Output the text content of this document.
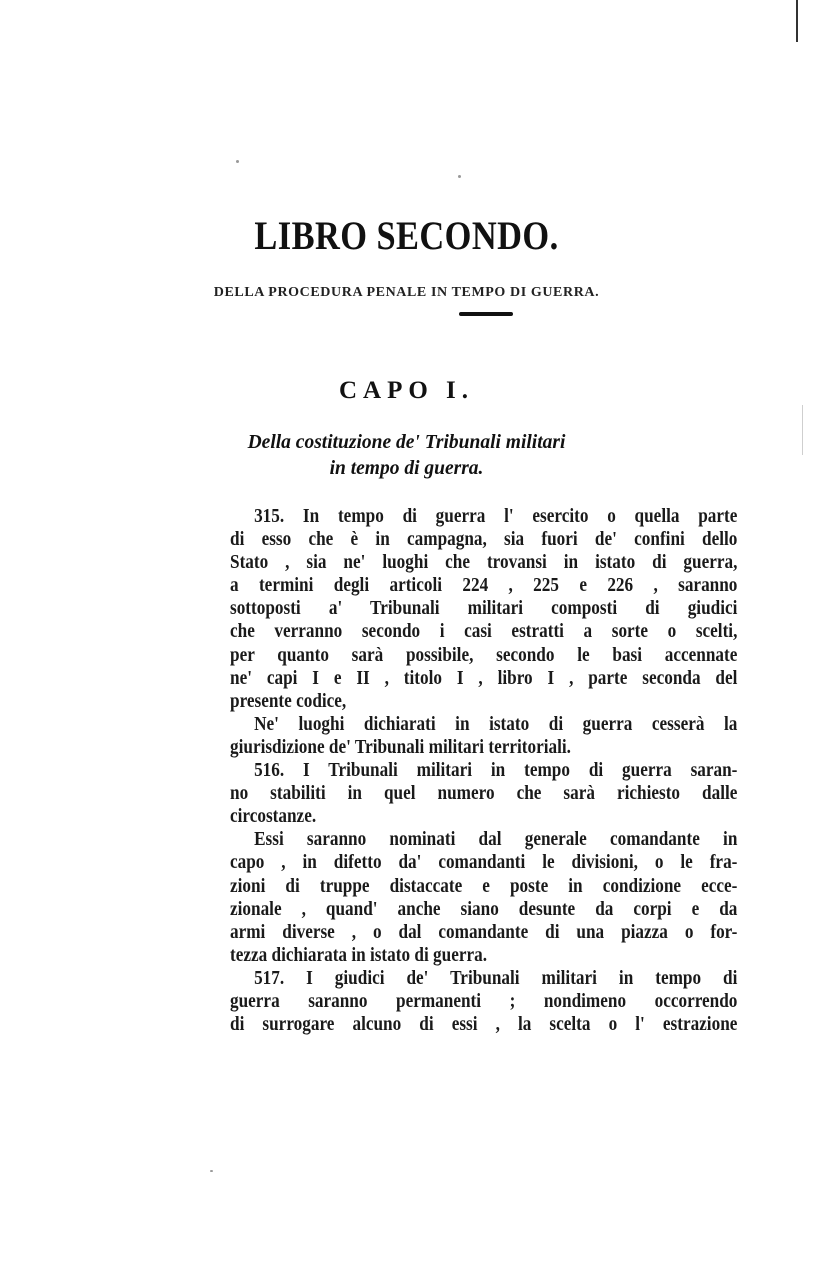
LIBRO SECONDO.
DELLA PROCEDURA PENALE IN TEMPO DI GUERRA.
CAPO I.
Della costituzione de' Tribunali militari
in tempo di guerra.
315. In tempo di guerra l' esercito o quella parte
di esso che è in campagna, sia fuori de' confini dello
Stato , sia ne' luoghi che trovansi in istato di guerra,
a termini degli articoli 224 , 225 e 226 , saranno
sottoposti a' Tribunali militari composti di giudici
che verranno secondo i casi estratti a sorte o scelti,
per quanto sarà possibile, secondo le basi accennate
ne' capi I e II , titolo I , libro I , parte seconda del
presente codice,
Ne' luoghi dichiarati in istato di guerra cesserà la
giurisdizione de' Tribunali militari territoriali.
516. I Tribunali militari in tempo di guerra saran-
no stabiliti in quel numero che sarà richiesto dalle
circostanze.
Essi saranno nominati dal generale comandante in
capo , in difetto da' comandanti le divisioni, o le fra-
zioni di truppe distaccate e poste in condizione ecce-
zionale , quand' anche siano desunte da corpi e da
armi diverse , o dal comandante di una piazza o for-
tezza dichiarata in istato di guerra.
517. I giudici de' Tribunali militari in tempo di
guerra saranno permanenti ; nondimeno occorrendo
di surrogare alcuno di essi , la scelta o l' estrazione
